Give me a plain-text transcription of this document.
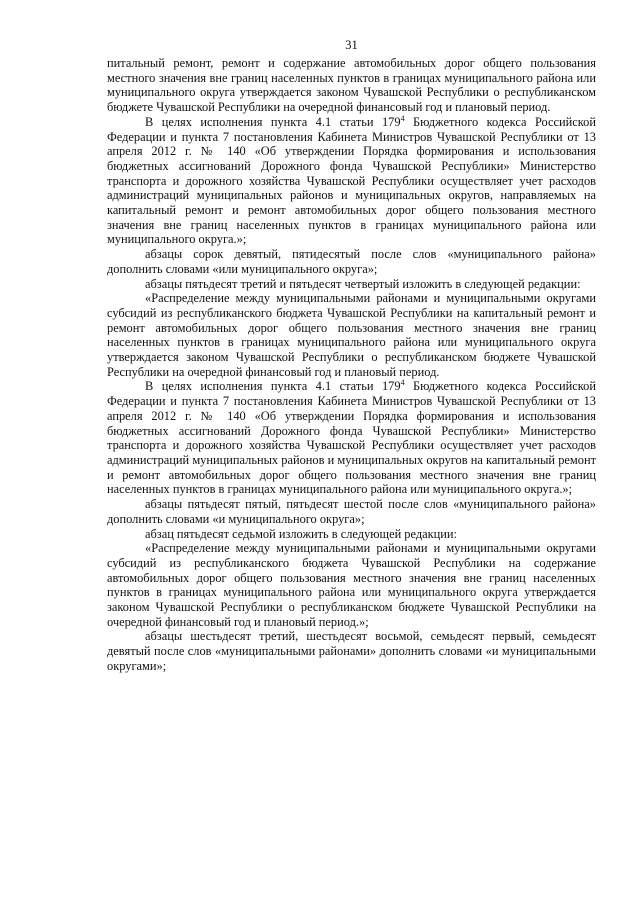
31

питальный ремонт, ремонт и содержание автомобильных дорог общего пользования местного значения вне границ населенных пунктов в границах муниципального района или муниципального округа утверждается законом Чувашской Республики о республиканском бюджете Чувашской Республики на очередной финансовый год и плановый период.

В целях исполнения пункта 4.1 статьи $179^4$ Бюджетного кодекса Российской Федерации и пункта 7 постановления Кабинета Министров Чувашской Республики от 13 апреля 2012 г. № 140 «Об утверждении Порядка формирования и использования бюджетных ассигнований Дорожного фонда Чувашской Республики» Министерство транспорта и дорожного хозяйства Чувашской Республики осуществляет учет расходов администраций муниципальных районов и муниципальных округов, направляемых на капитальный ремонт и ремонт автомобильных дорог общего пользования местного значения вне границ населенных пунктов в границах муниципального района или муниципального округа.»;

абзацы сорок девятый, пятидесятый после слов «муниципального района» дополнить словами «или муниципального округа»;

абзацы пятьдесят третий и пятьдесят четвертый изложить в следующей редакции:

«Распределение между муниципальными районами и муниципальными округами субсидий из республиканского бюджета Чувашской Республики на капитальный ремонт и ремонт автомобильных дорог общего пользования местного значения вне границ населенных пунктов в границах муниципального района или муниципального округа утверждается законом Чувашской Республики о республиканском бюджете Чувашской Республики на очередной финансовый год и плановый период.

В целях исполнения пункта 4.1 статьи $179^4$ Бюджетного кодекса Российской Федерации и пункта 7 постановления Кабинета Министров Чувашской Республики от 13 апреля 2012 г. № 140 «Об утверждении Порядка формирования и использования бюджетных ассигнований Дорожного фонда Чувашской Республики» Министерство транспорта и дорожного хозяйства Чувашской Республики осуществляет учет расходов администраций муниципальных районов и муниципальных округов на капитальный ремонт и ремонт автомобильных дорог общего пользования местного значения вне границ населенных пунктов в границах муниципального района или муниципального округа.»;

абзацы пятьдесят пятый, пятьдесят шестой после слов «муниципального района» дополнить словами «и муниципального округа»;

абзац пятьдесят седьмой изложить в следующей редакции:

«Распределение между муниципальными районами и муниципальными округами субсидий из республиканского бюджета Чувашской Республики на содержание автомобильных дорог общего пользования местного значения вне границ населенных пунктов в границах муниципального района или муниципального округа утверждается законом Чувашской Республики о республиканском бюджете Чувашской Республики на очередной финансовый год и плановый период.»;

абзацы шестьдесят третий, шестьдесят восьмой, семьдесят первый, семьдесят девятый после слов «муниципальными районами» дополнить словами «и муниципальными округами»;
